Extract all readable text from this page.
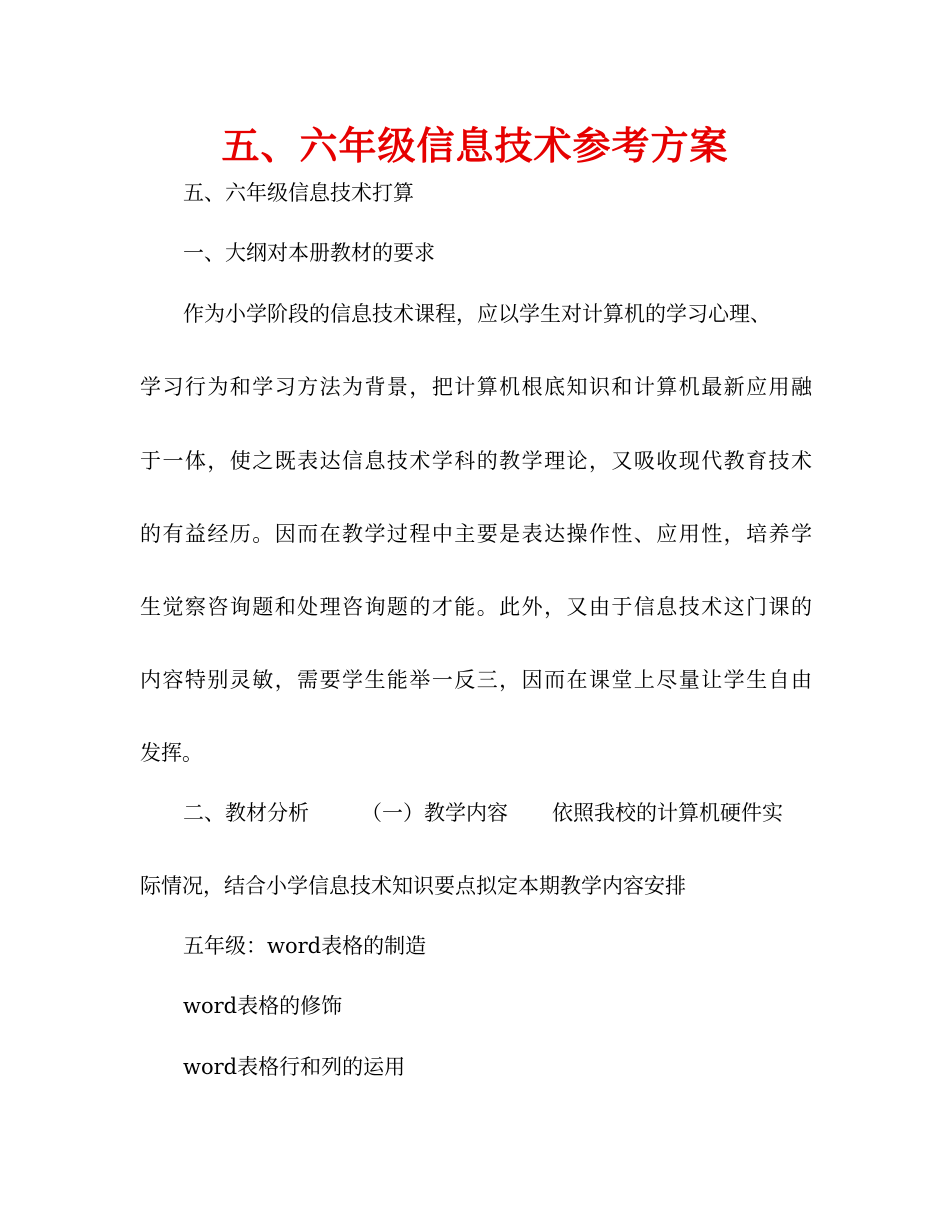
五、六年级信息技术参考方案

五、六年级信息技术打算

一、大纲对本册教材的要求

作为小学阶段的信息技术课程，应以学生对计算机的学习心理、

学习行为和学习方法为背景，把计算机根底知识和计算机最新应用融

于一体，使之既表达信息技术学科的教学理论，又吸收现代教育技术

的有益经历。因而在教学过程中主要是表达操作性、应用性，培养学

生觉察咨询题和处理咨询题的才能。此外，又由于信息技术这门课的

内容特别灵敏，需要学生能举一反三，因而在课堂上尽量让学生自由

发挥。

二、教材分析 （一）教学内容 依照我校的计算机硬件实

际情况，结合小学信息技术知识要点拟定本期教学内容安排

五年级：word表格的制造

word表格的修饰

word表格行和列的运用
